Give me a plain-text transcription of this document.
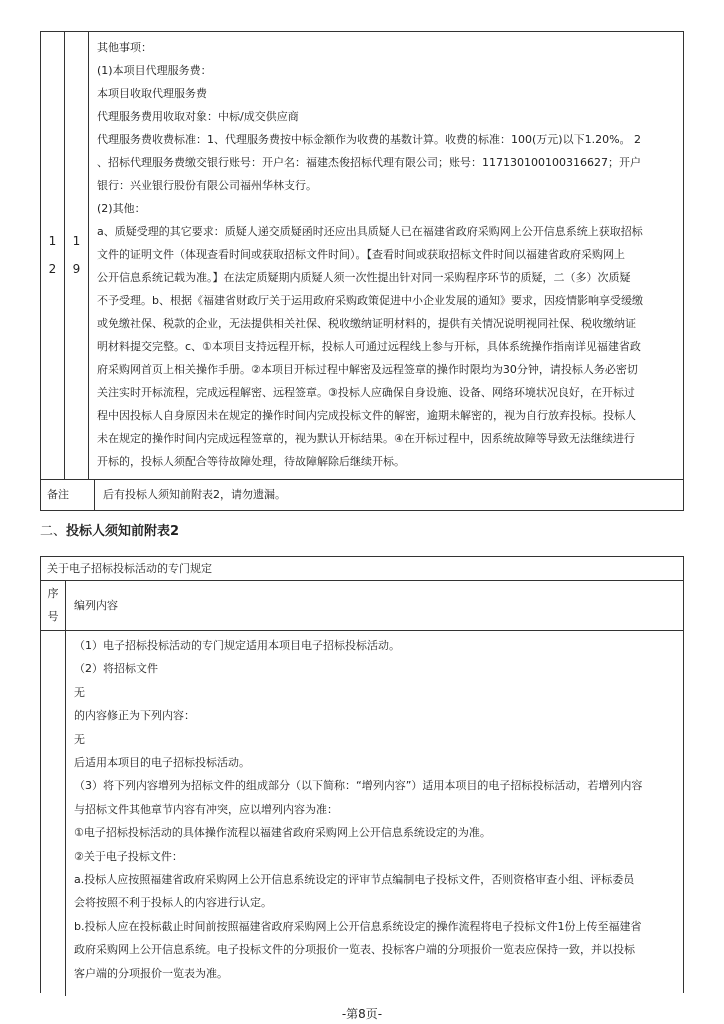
1
2
1
9

其他事项：

(1)本项目代理服务费：

本项目收取代理服务费

代理服务费用收取对象：中标/成交供应商

代理服务费收费标准：1、代理服务费按中标金额作为收费的基数计算。收费的标准：100(万元)以下1.20%。 2

、招标代理服务费缴交银行账号：开户名：福建杰俊招标代理有限公司；账号：117130100100316627；开户

银行：兴业银行股份有限公司福州华林支行。

(2)其他：

a、质疑受理的其它要求：质疑人递交质疑函时还应出具质疑人已在福建省政府采购网上公开信息系统上获取招标

文件的证明文件（体现查看时间或获取招标文件时间）。【查看时间或获取招标文件时间以福建省政府采购网上

公开信息系统记载为准。】在法定质疑期内质疑人须一次性提出针对同一采购程序环节的质疑，二（多）次质疑

不予受理。b、根据《福建省财政厅关于运用政府采购政策促进中小企业发展的通知》要求，因疫情影响享受缓缴

或免缴社保、税款的企业，无法提供相关社保、税收缴纳证明材料的，提供有关情况说明视同社保、税收缴纳证

明材料提交完整。c、①本项目支持远程开标，投标人可通过远程线上参与开标，具体系统操作指南详见福建省政

府采购网首页上相关操作手册。②本项目开标过程中解密及远程签章的操作时限均为30分钟，请投标人务必密切

关注实时开标流程，完成远程解密、远程签章。③投标人应确保自身设施、设备、网络环境状况良好，在开标过

程中因投标人自身原因未在规定的操作时间内完成投标文件的解密，逾期未解密的，视为自行放弃投标。投标人

未在规定的操作时间内完成远程签章的，视为默认开标结果。④在开标过程中，因系统故障等导致无法继续进行

开标的，投标人须配合等待故障处理，待故障解除后继续开标。

备注	后有投标人须知前附表2，请勿遗漏。
二、投标人须知前附表2
关于电子招标投标活动的专门规定
序
号
编列内容

（1）电子招标投标活动的专门规定适用本项目电子招标投标活动。

（2）将招标文件

无

的内容修正为下列内容：

无

后适用本项目的电子招标投标活动。

（3）将下列内容增列为招标文件的组成部分（以下简称：“增列内容”）适用本项目的电子招标投标活动，若增列内容

与招标文件其他章节内容有冲突，应以增列内容为准：

①电子招标投标活动的具体操作流程以福建省政府采购网上公开信息系统设定的为准。

②关于电子投标文件：

a.投标人应按照福建省政府采购网上公开信息系统设定的评审节点编制电子投标文件，否则资格审查小组、评标委员

会将按照不利于投标人的内容进行认定。

b.投标人应在投标截止时间前按照福建省政府采购网上公开信息系统设定的操作流程将电子投标文件1份上传至福建省

政府采购网上公开信息系统。电子投标文件的分项报价一览表、投标客户端的分项报价一览表应保持一致，并以投标

客户端的分项报价一览表为准。

-第8页-
